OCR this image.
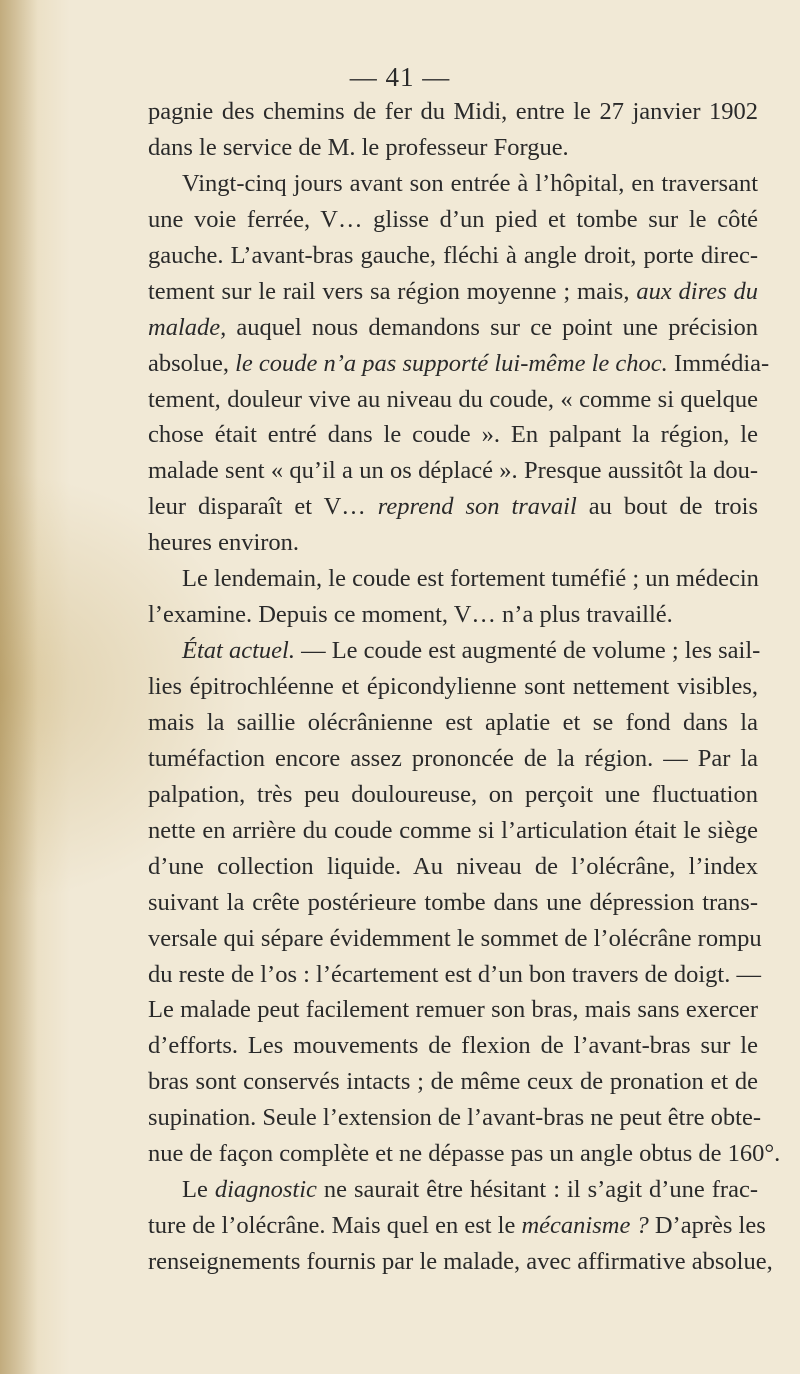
— 41 —
pagnie des chemins de fer du Midi, entre le 27 janvier 1902
dans le service de M. le professeur Forgue.
Vingt-cinq jours avant son entrée à l’hôpital, en traversant
une voie ferrée, V… glisse d’un pied et tombe sur le côté
gauche. L’avant-bras gauche, fléchi à angle droit, porte direc-
tement sur le rail vers sa région moyenne ; mais, aux dires du
malade, auquel nous demandons sur ce point une précision
absolue, le coude n’a pas supporté lui-même le choc. Immédia-
tement, douleur vive au niveau du coude, « comme si quelque
chose était entré dans le coude ». En palpant la région, le
malade sent « qu’il a un os déplacé ». Presque aussitôt la dou-
leur disparaît et V… reprend son travail au bout de trois
heures environ.
Le lendemain, le coude est fortement tuméfié ; un médecin
l’examine. Depuis ce moment, V… n’a plus travaillé.
État actuel. — Le coude est augmenté de volume ; les sail-
lies épitrochléenne et épicondylienne sont nettement visibles,
mais la saillie olécrânienne est aplatie et se fond dans la
tuméfaction encore assez prononcée de la région. — Par la
palpation, très peu douloureuse, on perçoit une fluctuation
nette en arrière du coude comme si l’articulation était le siège
d’une collection liquide. Au niveau de l’olécrâne, l’index
suivant la crête postérieure tombe dans une dépression trans-
versale qui sépare évidemment le sommet de l’olécrâne rompu
du reste de l’os : l’écartement est d’un bon travers de doigt. —
Le malade peut facilement remuer son bras, mais sans exercer
d’efforts. Les mouvements de flexion de l’avant-bras sur le
bras sont conservés intacts ; de même ceux de pronation et de
supination. Seule l’extension de l’avant-bras ne peut être obte-
nue de façon complète et ne dépasse pas un angle obtus de 160°.
Le diagnostic ne saurait être hésitant : il s’agit d’une frac-
ture de l’olécrâne. Mais quel en est le mécanisme ? D’après les
renseignements fournis par le malade, avec affirmative absolue,
